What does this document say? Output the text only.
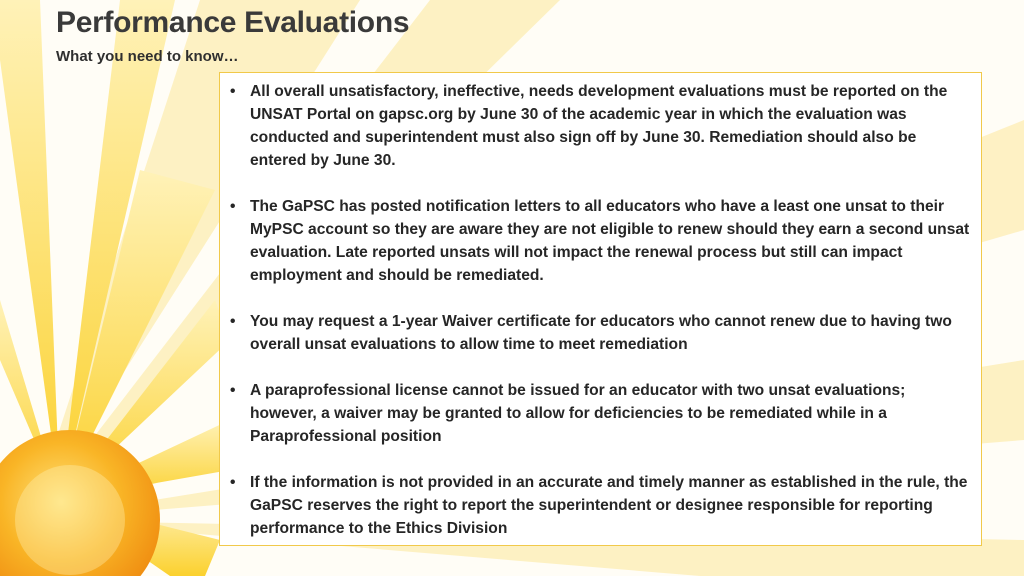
Performance Evaluations
What you need to know…
• All overall unsatisfactory, ineffective, needs development evaluations must be reported on the UNSAT Portal on gapsc.org by June 30 of the academic year in which the evaluation was conducted and superintendent must also sign off by June 30. Remediation should also be entered by June 30.
• The GaPSC has posted notification letters to all educators who have a least one unsat to their MyPSC account so they are aware they are not eligible to renew should they earn a second unsat evaluation. Late reported unsats will not impact the renewal process but still can impact employment and should be remediated.
• You may request a 1-year Waiver certificate for educators who cannot renew due to having two overall unsat evaluations to allow time to meet remediation
• A paraprofessional license cannot be issued for an educator with two unsat evaluations; however, a waiver may be granted to allow for deficiencies to be remediated while in a Paraprofessional position
• If the information is not provided in an accurate and timely manner as established in the rule, the GaPSC reserves the right to report the superintendent or designee responsible for reporting performance to the Ethics Division
